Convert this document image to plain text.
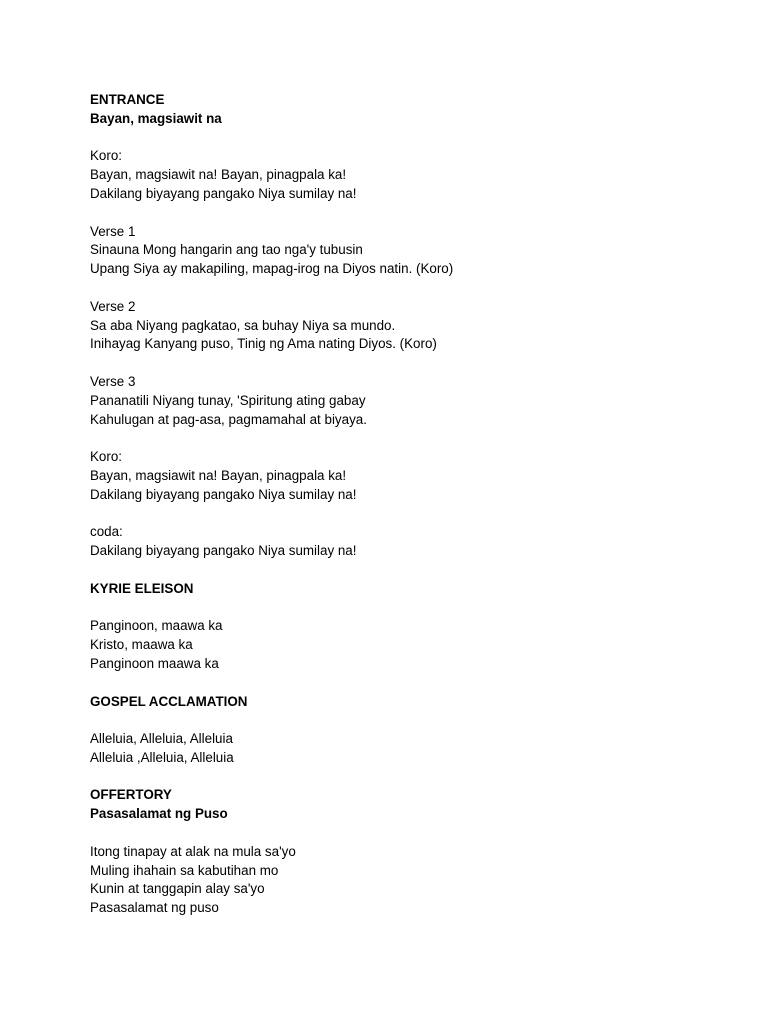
ENTRANCE
Bayan, magsiawit na
Koro:
Bayan, magsiawit na! Bayan, pinagpala ka!
Dakilang biyayang pangako Niya sumilay na!
Verse 1
Sinauna Mong hangarin ang tao nga'y tubusin
Upang Siya ay makapiling, mapag-irog na Diyos natin. (Koro)
Verse 2
Sa aba Niyang pagkatao, sa buhay Niya sa mundo.
Inihayag Kanyang puso, Tinig ng Ama nating Diyos. (Koro)
Verse 3
Pananatili Niyang tunay, 'Spiritung ating gabay
Kahulugan at pag-asa, pagmamahal at biyaya.
Koro:
Bayan, magsiawit na! Bayan, pinagpala ka!
Dakilang biyayang pangako Niya sumilay na!
coda:
Dakilang biyayang pangako Niya sumilay na!
KYRIE ELEISON
Panginoon, maawa ka
Kristo, maawa ka
Panginoon maawa ka
GOSPEL ACCLAMATION
Alleluia, Alleluia, Alleluia
Alleluia ,Alleluia, Alleluia
OFFERTORY
Pasasalamat ng Puso
Itong tinapay at alak na mula sa'yo
Muling ihahain sa kabutihan mo
Kunin at tanggapin alay sa'yo
Pasasalamat ng puso
